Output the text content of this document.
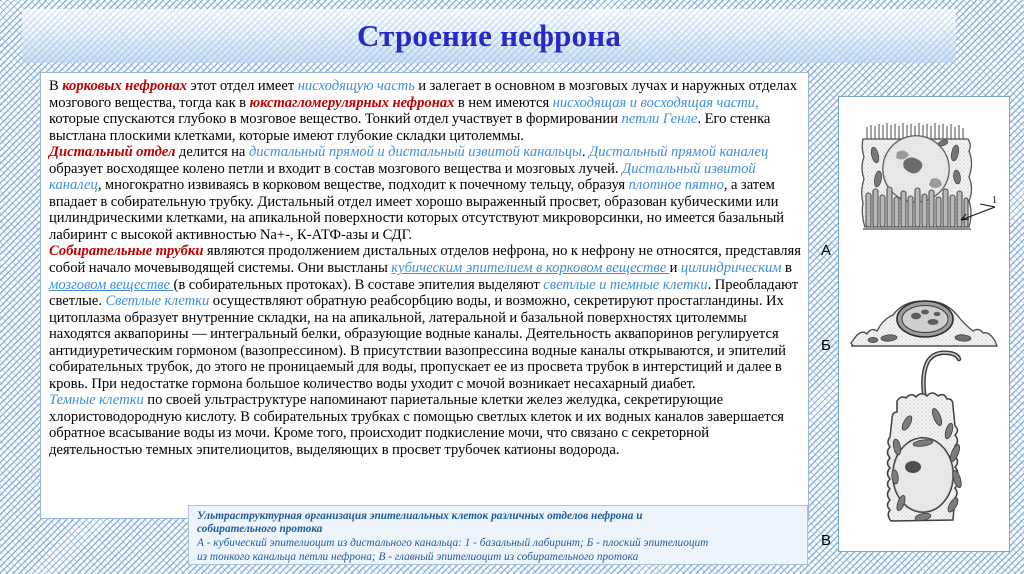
Строение нефрона

В корковых нефронах этот отдел имеет нисходящую часть и залегает в основном в мозговых лучах и наружных отделах мозгового вещества, тогда как в юкстагломерулярных нефронах в нем имеются нисходящая и восходящая части, которые спускаются глубоко в мозговое вещество. Тонкий отдел участвует в формировании петли Генле. Его стенка выстлана плоскими клетками, которые имеют глубокие складки цитолеммы.

Дистальный отдел делится на дистальный прямой и дистальный извитой канальцы. Дистальный прямой каналец образует восходящее колено петли и входит в состав мозгового вещества и мозговых лучей. Дистальный извитой каналец, многократно извиваясь в корковом веществе, подходит к почечному тельцу, образуя плотное пятно, а затем впадает в собирательную трубку. Дистальный отдел имеет хорошо выраженный просвет, образован кубическими или цилиндрическими клетками, на апикальной поверхности которых отсутствуют микроворсинки, но имеется базальный лабиринт с высокой активностью Na+-, К-АТФ-азы и СДГ.

Собирательные трубки являются продолжением дистальных отделов нефрона, но к нефрону не относятся, представляя собой начало мочевыводящей системы. Они выстланы кубическим эпителием в корковом веществе и цилиндрическим в мозговом веществе (в собирательных протоках). В составе эпителия выделяют светлые и темные клетки. Преобладают светлые. Светлые клетки осуществляют обратную реабсорбцию воды, и возможно, секретируют простагландины. Их цитоплазма образует внутренние складки, на на апикальной, латеральной и базальной поверхностях цитолеммы находятся аквапорины — интегральный белки, образующие водные каналы. Деятельность аквапоринов регулируется антидиуретическим гормоном (вазопрессином). В присутствии вазопрессина водные каналы открываются, и эпителий собирательных трубок, до этого не проницаемый для воды, пропускает ее из просвета трубок в интерстиций и далее в кровь. При недостатке гормона большое количество воды уходит с мочой возникает несахарный диабет.

Темные клетки по своей ультраструктуре напоминают париетальные клетки желез желудка, секретирующие хлористоводородную кислоту. В собирательных трубках с помощью светлых клеток и их водных каналов завершается обратное всасывание воды из мочи. Кроме того, происходит подкисление мочи, что связано с секреторной деятельностью темных эпителиоцитов, выделяющих в просвет трубочек катионы водорода.

Ультраструктурная организация эпителиальных клеток различных отделов нефрона и

собирательного протока

А - кубический эпителиоцит из дистального канальца: 1 - базальный лабиринт; Б - плоский эпителиоцит

из тонкого канальца петли нефрона; В - главный эпителиоцит из собирательного протока

А
Б
В
1
